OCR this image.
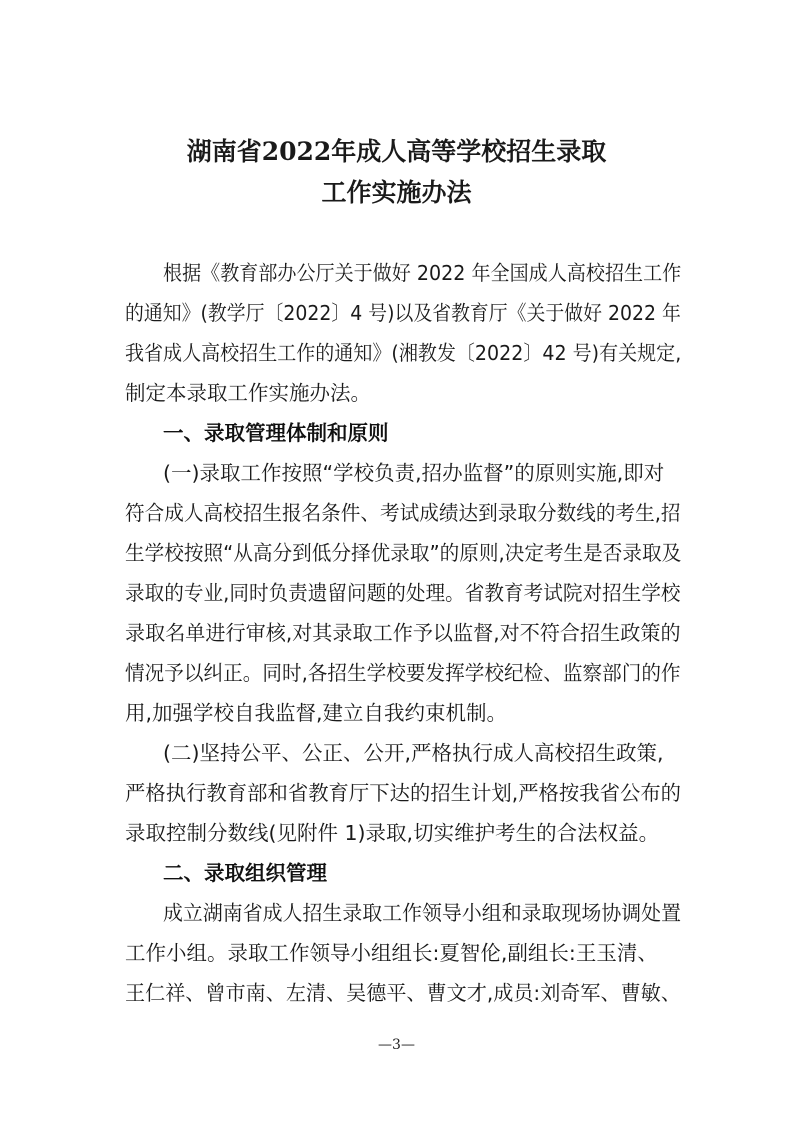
湖南省2022年成人高等学校招生录取
工作实施办法
根据《教育部办公厅关于做好 2022 年全国成人高校招生工作
的通知》(教学厅〔2022〕4 号)以及省教育厅《关于做好 2022 年
我省成人高校招生工作的通知》(湘教发〔2022〕42 号)有关规定,
制定本录取工作实施办法。
一、录取管理体制和原则
(一)录取工作按照“学校负责,招办监督”的原则实施,即对
符合成人高校招生报名条件、考试成绩达到录取分数线的考生,招
生学校按照“从高分到低分择优录取”的原则,决定考生是否录取及
录取的专业,同时负责遗留问题的处理。省教育考试院对招生学校
录取名单进行审核,对其录取工作予以监督,对不符合招生政策的
情况予以纠正。同时,各招生学校要发挥学校纪检、监察部门的作
用,加强学校自我监督,建立自我约束机制。
(二)坚持公平、公正、公开,严格执行成人高校招生政策,
严格执行教育部和省教育厅下达的招生计划,严格按我省公布的
录取控制分数线(见附件 1)录取,切实维护考生的合法权益。
二、录取组织管理
成立湖南省成人招生录取工作领导小组和录取现场协调处置
工作小组。录取工作领导小组组长:夏智伦,副组长:王玉清、
王仁祥、曾市南、左清、吴德平、曹文才,成员:刘奇军、曹敏、
—3—
